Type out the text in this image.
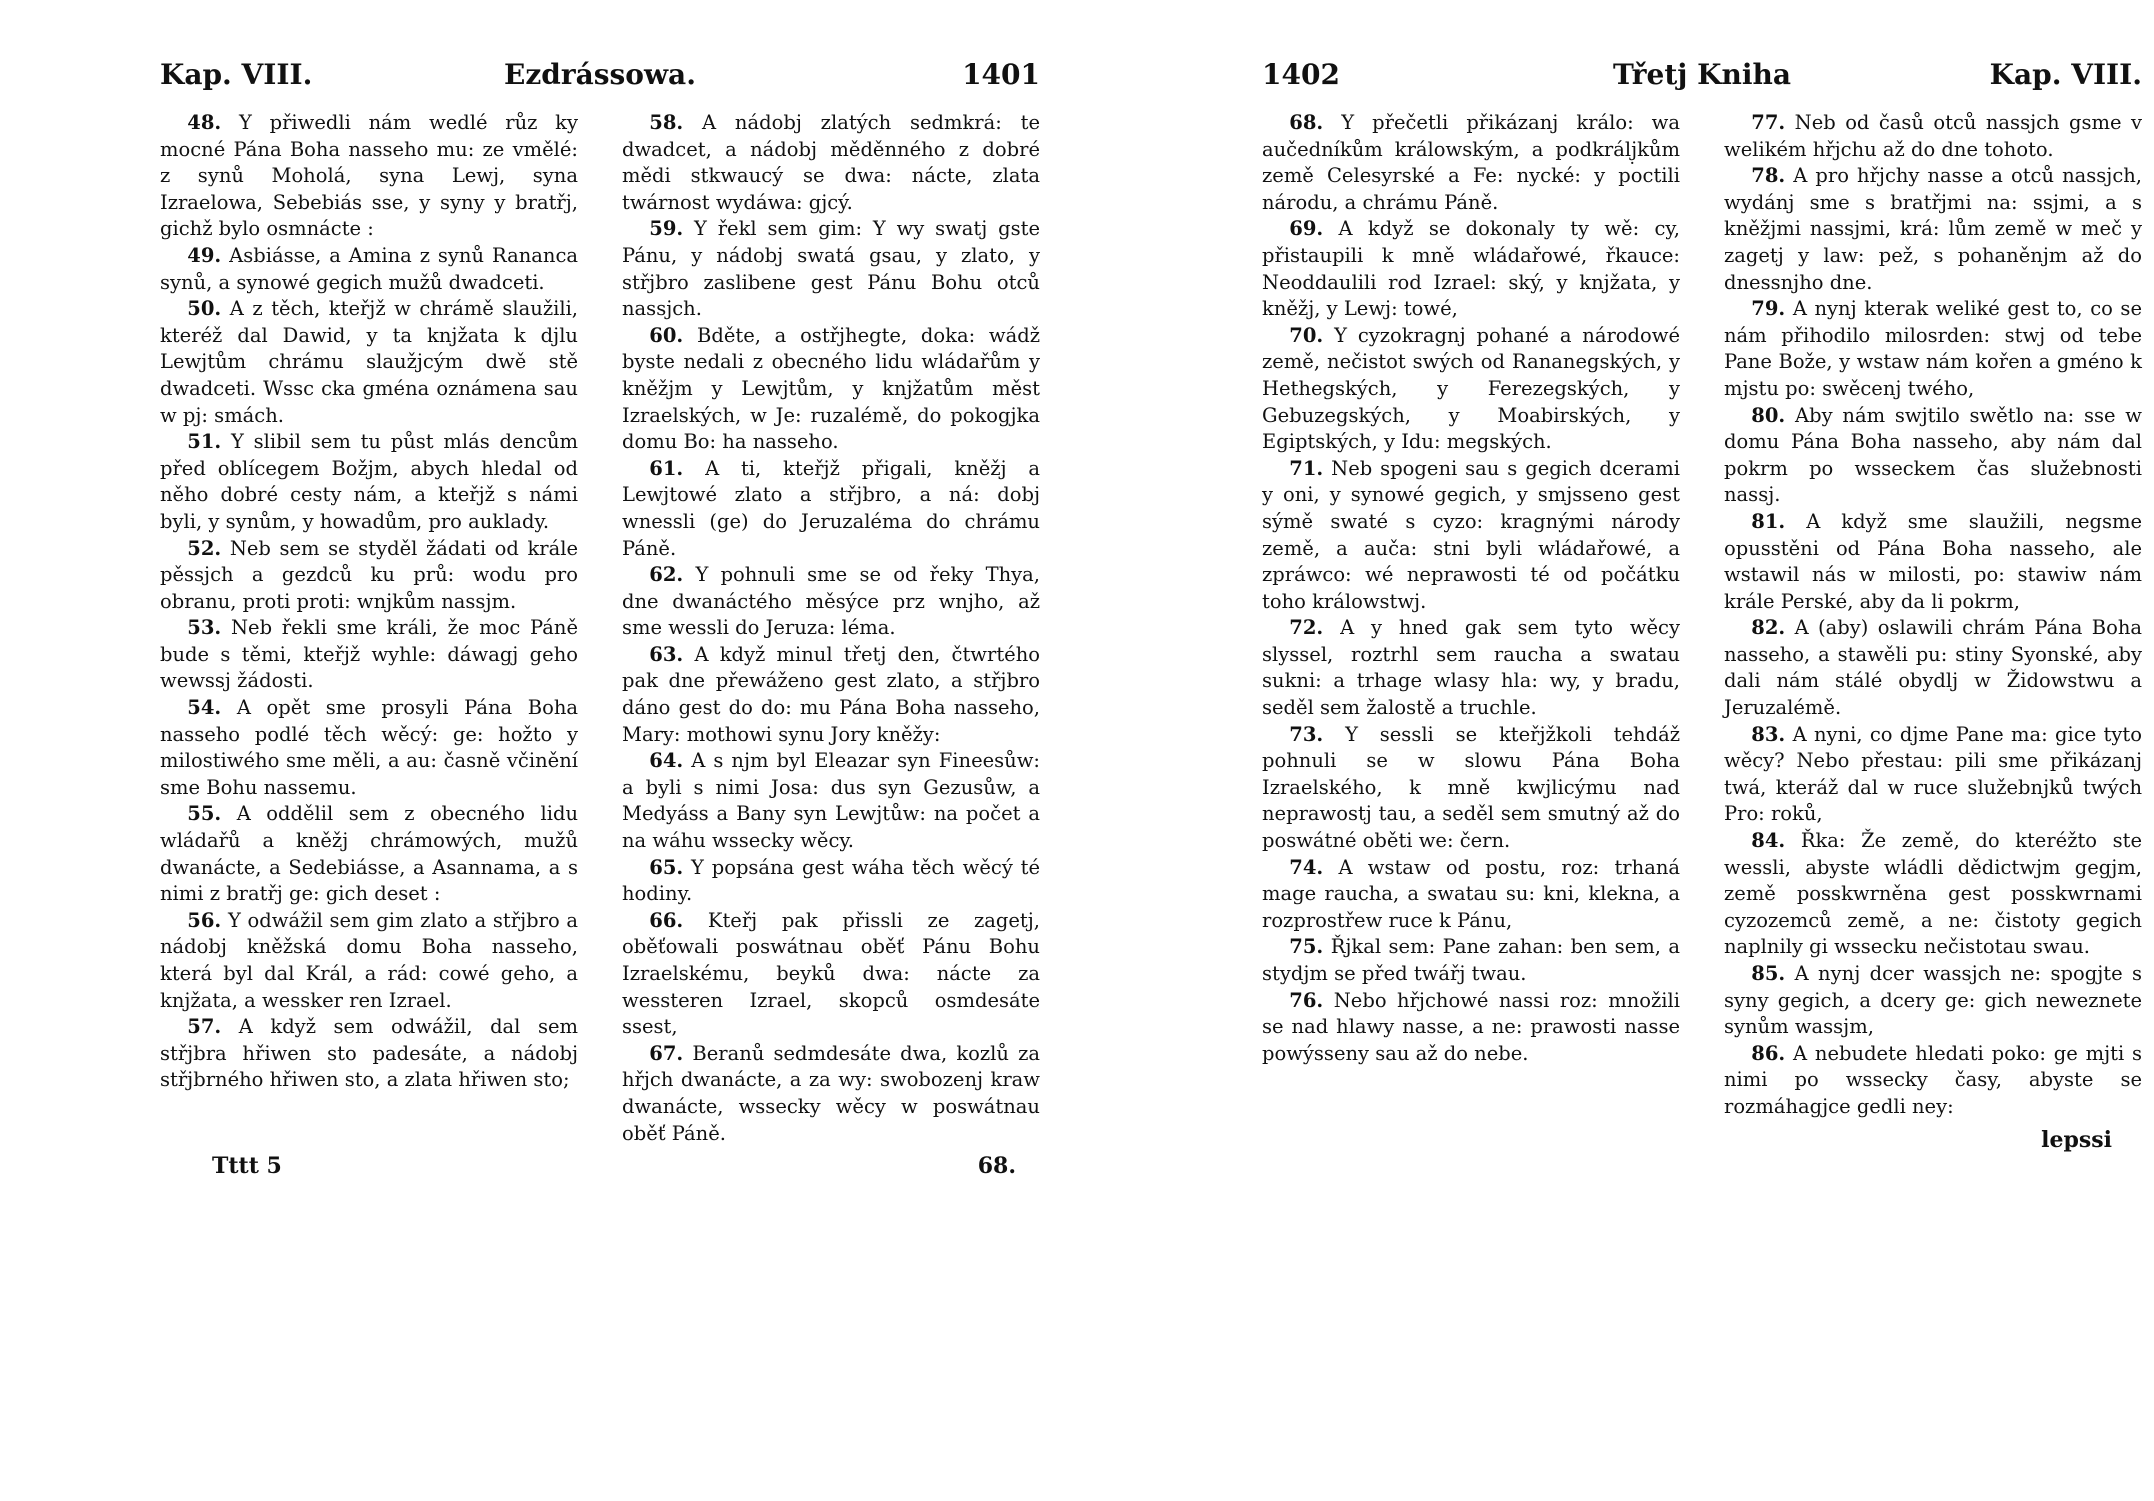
Kap. VIII.	Ezdrássowa.	1401

48. Y přiwedli nám wedlé růz ky mocné Pána Boha nasseho mu: ze vmělé: z synů Moholá, syna Lewj, syna Izraelowa, Sebebiás sse, y syny y bratřj, gichž bylo osmnácte :

49. Asbiásse, a Amina z synů Rananca synů, a synowé gegich mužů dwadceti.

50. A z těch, kteřjž w chrámě slaužili, kteréž dal Dawid, y ta knjžata k djlu Lewjtům chrámu slaužjcým dwě stě dwadceti. Wssc cka gména oznámena sau w pj: smách.

51. Y slibil sem tu půst mlás dencům před oblícegem Božjm, abych hledal od něho dobré cesty nám, a kteřjž s námi byli, y synům, y howadům, pro auklady.

52. Neb sem se styděl žádati od krále pěssjch a gezdců ku prů: wodu pro obranu, proti proti: wnjkům nassjm.

53. Neb řekli sme králi, že moc Páně bude s těmi, kteřjž wyhle: dáwagj geho wewssj žádosti.

54. A opět sme prosyli Pána Boha nasseho podlé těch wěcý: ge: hožto y milostiwého sme měli, a au: časně včinění sme Bohu nassemu.

55. A oddělil sem z obecného lidu wládařů a kněžj chrámowých, mužů dwanácte, a Sedebiásse, a Asannama, a s nimi z bratřj ge: gich deset :

56. Y odwážil sem gim zlato a střjbro a nádobj kněžská domu Boha nasseho, která byl dal Král, a rád: cowé geho, a knjžata, a wessker ren Izrael.

57. A když sem odwážil, dal sem střjbra hřiwen sto padesáte, a nádobj střjbrného hřiwen sto, a zlata hřiwen sto;

58. A nádobj zlatých sedmkrá: te dwadcet, a nádobj měděnného z dobré mědi stkwaucý se dwa: nácte, zlata twárnost wydáwa: gjcý.

59. Y řekl sem gim: Y wy swatj gste Pánu, y nádobj swatá gsau, y zlato, y střjbro zaslibene gest Pánu Bohu otců nassjch.

60. Bděte, a ostřjhegte, doka: wádž byste nedali z obecného lidu wládařům y kněžjm y Lewjtům, y knjžatům měst Izraelských, w Je: ruzalémě, do pokogjka domu Bo: ha nasseho.

61. A ti, kteřjž přigali, kněžj a Lewjtowé zlato a střjbro, a ná: dobj wnessli (ge) do Jeruzaléma do chrámu Páně.

62. Y pohnuli sme se od řeky Thya, dne dwanáctého měsýce prz wnjho, až sme wessli do Jeruza: léma.

63. A když minul třetj den, čtwrtého pak dne přewáženo gest zlato, a střjbro dáno gest do do: mu Pána Boha nasseho, Mary: mothowi synu Jory kněžy:

64. A s njm byl Eleazar syn Fineesůw: a byli s nimi Josa: dus syn Gezusůw, a Medyáss a Bany syn Lewjtůw: na počet a na wáhu wssecky wěcy.

65. Y popsána gest wáha těch wěcý té hodiny.

66. Kteřj pak přissli ze zagetj, oběťowali poswátnau oběť Pánu Bohu Izraelskému, beyků dwa: nácte za wessteren Izrael, skopců osmdesáte ssest,

67. Beranů sedmdesáte dwa, kozlů za hřjch dwanácte, a za wy: swobozenj kraw dwanácte, wssecky wěcy w poswátnau oběť Páně.

Tttt 5	68.
1402	Třetj Kniha	Kap. VIII.

68. Y přečetli přikázanj králo: wa aučedníkům králowským, a podkrálj̣kům země Celesyrské a Fe: nycké: y poctili národu, a chrámu Páně.

69. A když se dokonaly ty wě: cy, přistaupili k mně wládařowé, řkauce: Neoddaulili rod Izrael: ský, y knjžata, y kněžj, y Lewj: towé,

70. Y cyzokragnj pohané a národowé země, nečistot swých od Rananegských, y Hethegských, y Ferezegských, y Gebuzegských, y Moabirských, y Egiptských, y Idu: megských.

71. Neb spogeni sau s gegich dcerami y oni, y synowé gegich, y smjsseno gest sýmě swaté s cyzo: kragnými národy země, a auča: stni byli wládařowé, a zpráwco: wé neprawosti té od počátku toho králowstwj.

72. A y hned gak sem tyto wěcy slyssel, roztrhl sem raucha a swatau sukni: a trhage wlasy hla: wy, y bradu, seděl sem žalostě a truchle.

73. Y sessli se kteřjžkoli tehdáž pohnuli se w slowu Pána Boha Izraelského, k mně kwjlicýmu nad neprawostj tau, a seděl sem smutný až do poswátné oběti we: čern.

74. A wstaw od postu, roz: trhaná mage raucha, a swatau su: kni, klekna, a rozprostřew ruce k Pánu,

75. Řjkal sem: Pane zahan: ben sem, a stydjm se před twářj twau.

76. Nebo hřjchowé nassi roz: množili se nad hlawy nasse, a ne: prawosti nasse powýsseny sau až do nebe.

77. Neb od časů otců nassjch gsme v welikém hřjchu až do dne tohoto.

78. A pro hřjchy nasse a otců nassjch, wydánj sme s bratřjmi na: ssjmi, a s kněžjmi nassjmi, krá: lům země w meč y zagetj y law: pež, s pohaněnjm až do dnessnjho dne.

79. A nynj kterak weliké gest to, co se nám přihodilo milosrden: stwj od tebe Pane Bože, y wstaw nám kořen a gméno k mjstu po: swěcenj twého,

80. Aby nám swjtilo swětlo na: sse w domu Pána Boha nasseho, aby nám dal pokrm po wsseckem čas služebnosti nassj.

81. A když sme slaužili, negsme opusstěni od Pána Boha nasseho, ale wstawil nás w milosti, po: stawiw nám krále Perské, aby da li pokrm,

82. A (aby) oslawili chrám Pána Boha nasseho, a stawěli pu: stiny Syonské, aby dali nám stálé obydlj w Židowstwu a Jeruzalémě.

83. A nyni, co djme Pane ma: gice tyto wěcy? Nebo přestau: pili sme přikázanj twá, kteráž dal w ruce služebnjků twých Pro: roků,

84. Řka: Že země, do kteréžto ste wessli, abyste wládli dědictwjm gegjm, země posskwrněna gest posskwrnami cyzozemců země, a ne: čistoty gegich naplnily gi wssecku nečistotau swau.

85. A nynj dcer wassjch ne: spogjte s syny gegich, a dcery ge: gich neweznete synům wassjm,

86. A nebudete hledati poko: ge mjti s nimi po wssecky časy, abyste se rozmáhagjce gedli ney:

lepssi
